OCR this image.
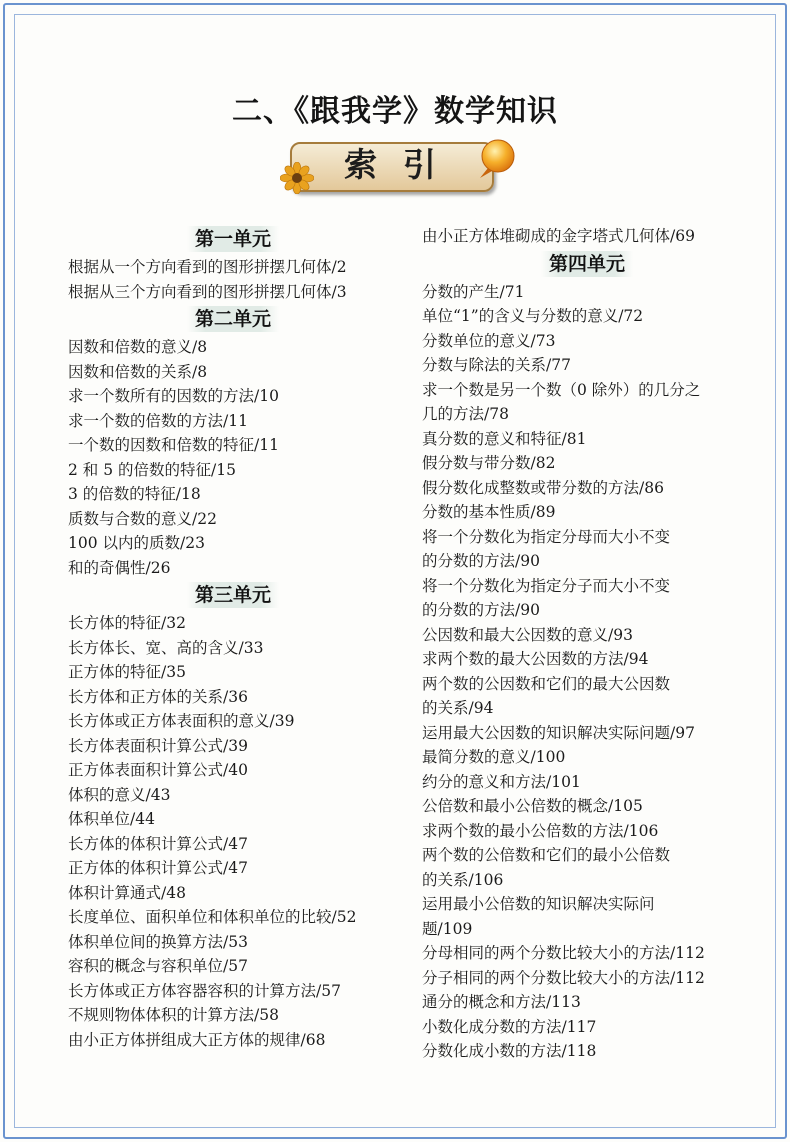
二、《跟我学》数学知识
索引
第一单元
根据从一个方向看到的图形拼摆几何体/2
根据从三个方向看到的图形拼摆几何体/3
第二单元
因数和倍数的意义/8
因数和倍数的关系/8
求一个数所有的因数的方法/10
求一个数的倍数的方法/11
一个数的因数和倍数的特征/11
2 和 5 的倍数的特征/15
3 的倍数的特征/18
质数与合数的意义/22
100 以内的质数/23
和的奇偶性/26
第三单元
长方体的特征/32
长方体长、宽、高的含义/33
正方体的特征/35
长方体和正方体的关系/36
长方体或正方体表面积的意义/39
长方体表面积计算公式/39
正方体表面积计算公式/40
体积的意义/43
体积单位/44
长方体的体积计算公式/47
正方体的体积计算公式/47
体积计算通式/48
长度单位、面积单位和体积单位的比较/52
体积单位间的换算方法/53
容积的概念与容积单位/57
长方体或正方体容器容积的计算方法/57
不规则物体体积的计算方法/58
由小正方体拼组成大正方体的规律/68
由小正方体堆砌成的金字塔式几何体/69
第四单元
分数的产生/71
单位“1”的含义与分数的意义/72
分数单位的意义/73
分数与除法的关系/77
求一个数是另一个数（0 除外）的几分之
几的方法/78
真分数的意义和特征/81
假分数与带分数/82
假分数化成整数或带分数的方法/86
分数的基本性质/89
将一个分数化为指定分母而大小不变
的分数的方法/90
将一个分数化为指定分子而大小不变
的分数的方法/90
公因数和最大公因数的意义/93
求两个数的最大公因数的方法/94
两个数的公因数和它们的最大公因数
的关系/94
运用最大公因数的知识解决实际问题/97
最简分数的意义/100
约分的意义和方法/101
公倍数和最小公倍数的概念/105
求两个数的最小公倍数的方法/106
两个数的公倍数和它们的最小公倍数
的关系/106
运用最小公倍数的知识解决实际问
题/109
分母相同的两个分数比较大小的方法/112
分子相同的两个分数比较大小的方法/112
通分的概念和方法/113
小数化成分数的方法/117
分数化成小数的方法/118
